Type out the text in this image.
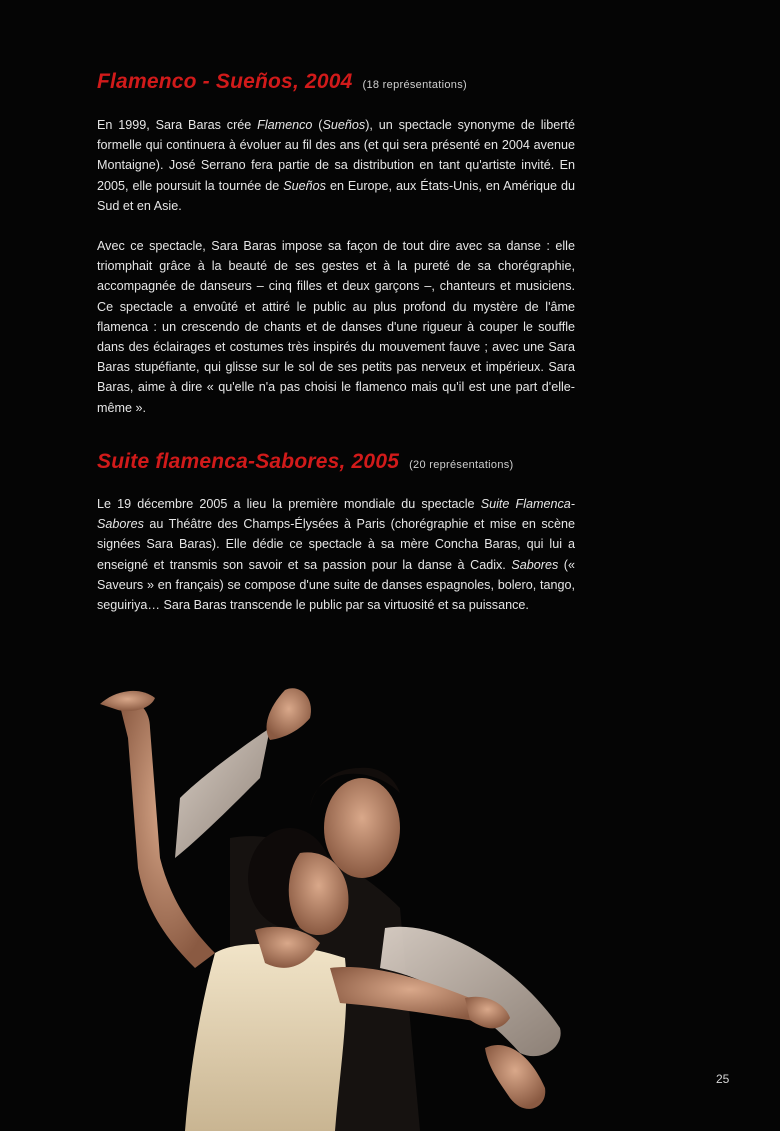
Flamenco - Sueños, 2004 (18 représentations)

En 1999, Sara Baras crée Flamenco (Sueños), un spectacle synonyme de liberté formelle qui continuera à évoluer au fil des ans (et qui sera présenté en 2004 avenue Montaigne). José Serrano fera partie de sa distribution en tant qu'artiste invité. En 2005, elle poursuit la tournée de Sueños en Europe, aux États-Unis, en Amérique du Sud et en Asie.

Avec ce spectacle, Sara Baras impose sa façon de tout dire avec sa danse : elle triomphait grâce à la beauté de ses gestes et à la pureté de sa chorégraphie, accompagnée de danseurs – cinq filles et deux garçons –, chanteurs et musiciens. Ce spectacle a envoûté et attiré le public au plus profond du mystère de l'âme flamenca : un crescendo de chants et de danses d'une rigueur à couper le souffle dans des éclairages et costumes très inspirés du mouvement fauve ; avec une Sara Baras stupéfiante, qui glisse sur le sol de ses petits pas nerveux et impérieux. Sara Baras, aime à dire « qu'elle n'a pas choisi le flamenco mais qu'il est une part d'elle-même ».

Suite flamenca-Sabores, 2005 (20 représentations)

Le 19 décembre 2005 a lieu la première mondiale du spectacle Suite Flamenca-Sabores au Théâtre des Champs-Élysées à Paris (chorégraphie et mise en scène signées Sara Baras). Elle dédie ce spectacle à sa mère Concha Baras, qui lui a enseigné et transmis son savoir et sa passion pour la danse à Cadix. Sabores (« Saveurs » en français) se compose d'une suite de danses espagnoles, bolero, tango, seguiriya… Sara Baras transcende le public par sa virtuosité et sa puissance.

25
